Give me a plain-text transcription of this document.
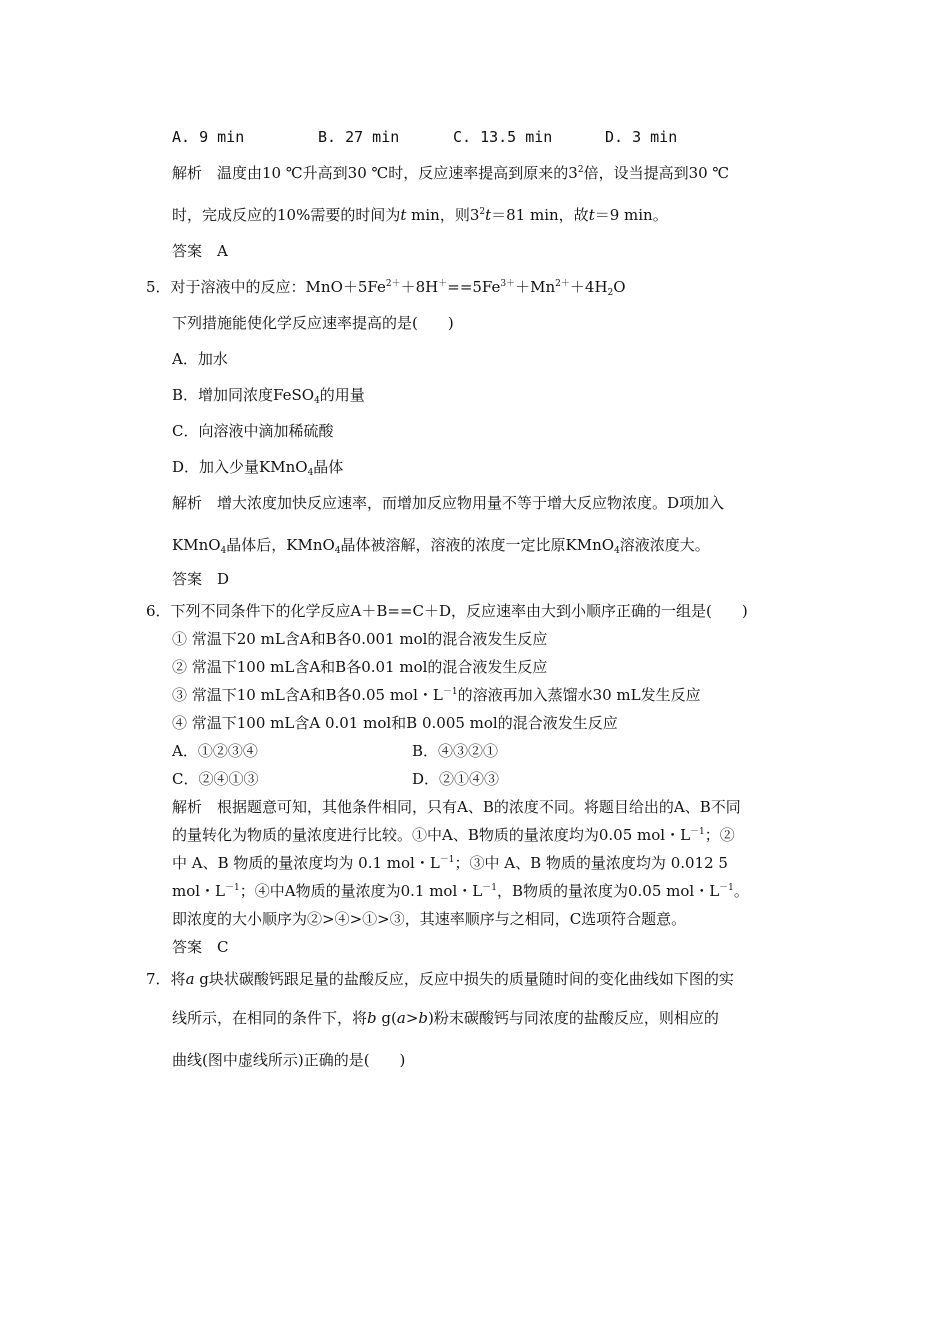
A. 9 min	B. 27 min	C. 13.5 min	D. 3 min
解析  温度由10 ℃升高到30 ℃时，反应速率提高到原来的$3^2$倍，设当提高到30 ℃
时，完成反应的10%需要的时间为t min，则$3^2t=81$ min，故t＝9 min。
答案  A
5．对于溶液中的反应：$MnO+5Fe^{2+}+8H^+==5Fe^{3+}+Mn^{2+}+4H_2O$
下列措施能使化学反应速率提高的是(　　)
A．加水
B．增加同浓度FeSO$_4$的用量
C．向溶液中滴加稀硫酸
D．加入少量KMnO$_4$晶体
解析  增大浓度加快反应速率，而增加反应物用量不等于增大反应物浓度。D项加入
KMnO$_4$晶体后，KMnO$_4$晶体被溶解，溶液的浓度一定比原KMnO$_4$溶液浓度大。
答案  D
6．下列不同条件下的化学反应A＋B==C＋D，反应速率由大到小顺序正确的一组是(　　)
① 常温下20 mL含A和B各0.001 mol的混合液发生反应
② 常温下100 mL含A和B各0.01 mol的混合液发生反应
③ 常温下10 mL含A和B各0.05 mol・$L^{-1}$的溶液再加入蒸馏水30 mL发生反应
④ 常温下100 mL含A 0.01 mol和B 0.005 mol的混合液发生反应
A．①②③④	B．④③②①
C．②④①③	D．②①④③
解析  根据题意可知，其他条件相同，只有A、B的浓度不同。将题目给出的A、B不同
的量转化为物质的量浓度进行比较。①中A、B物质的量浓度均为0.05 mol・$L^{-1}$；②
中 A、B 物质的量浓度均为 0.1 mol・$L^{-1}$；③中 A、B 物质的量浓度均为 0.012 5
mol・$L^{-1}$；④中A物质的量浓度为0.1 mol・$L^{-1}$，B物质的量浓度为0.05 mol・$L^{-1}$。
即浓度的大小顺序为②>④>①>③，其速率顺序与之相同，C选项符合题意。
答案  C
7．将a g块状碳酸钙跟足量的盐酸反应，反应中损失的质量随时间的变化曲线如下图的实
线所示，在相同的条件下，将b g(a>b)粉末碳酸钙与同浓度的盐酸反应，则相应的
曲线(图中虚线所示)正确的是(　　)
